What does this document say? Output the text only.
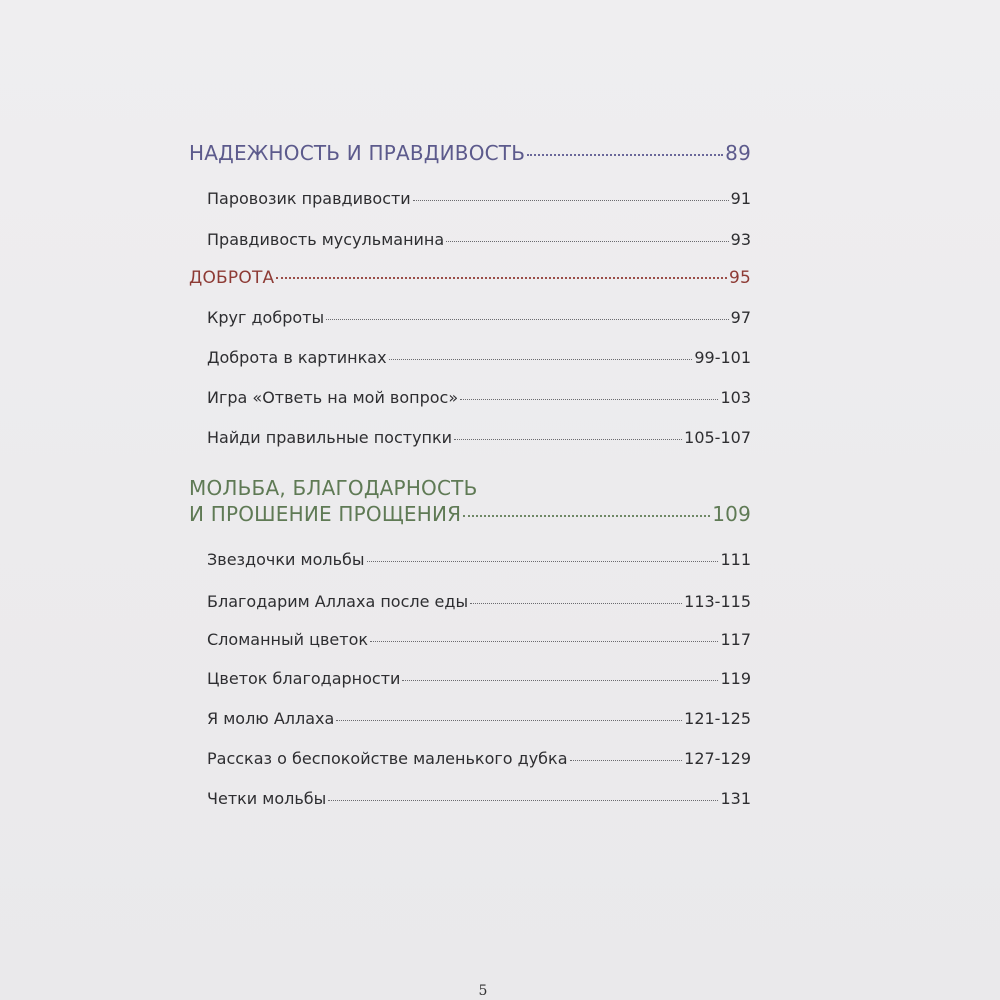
НАДЕЖНОСТЬ И ПРАВДИВОСТЬ	89
Паровозик правдивости	91
Правдивость мусульманина	93
ДОБРОТА	95
Круг доброты	97
Доброта в картинках	99-101
Игра «Ответь на мой вопрос»	103
Найди правильные поступки	105-107
МОЛЬБА, БЛАГОДАРНОСТЬ
И ПРОШЕНИЕ ПРОЩЕНИЯ	109
Звездочки мольбы	111
Благодарим Аллаха после еды	113-115
Сломанный цветок	117
Цветок благодарности	119
Я молю Аллаха	121-125
Рассказ о беспокойстве маленького дубка	127-129
Четки мольбы	131
5
